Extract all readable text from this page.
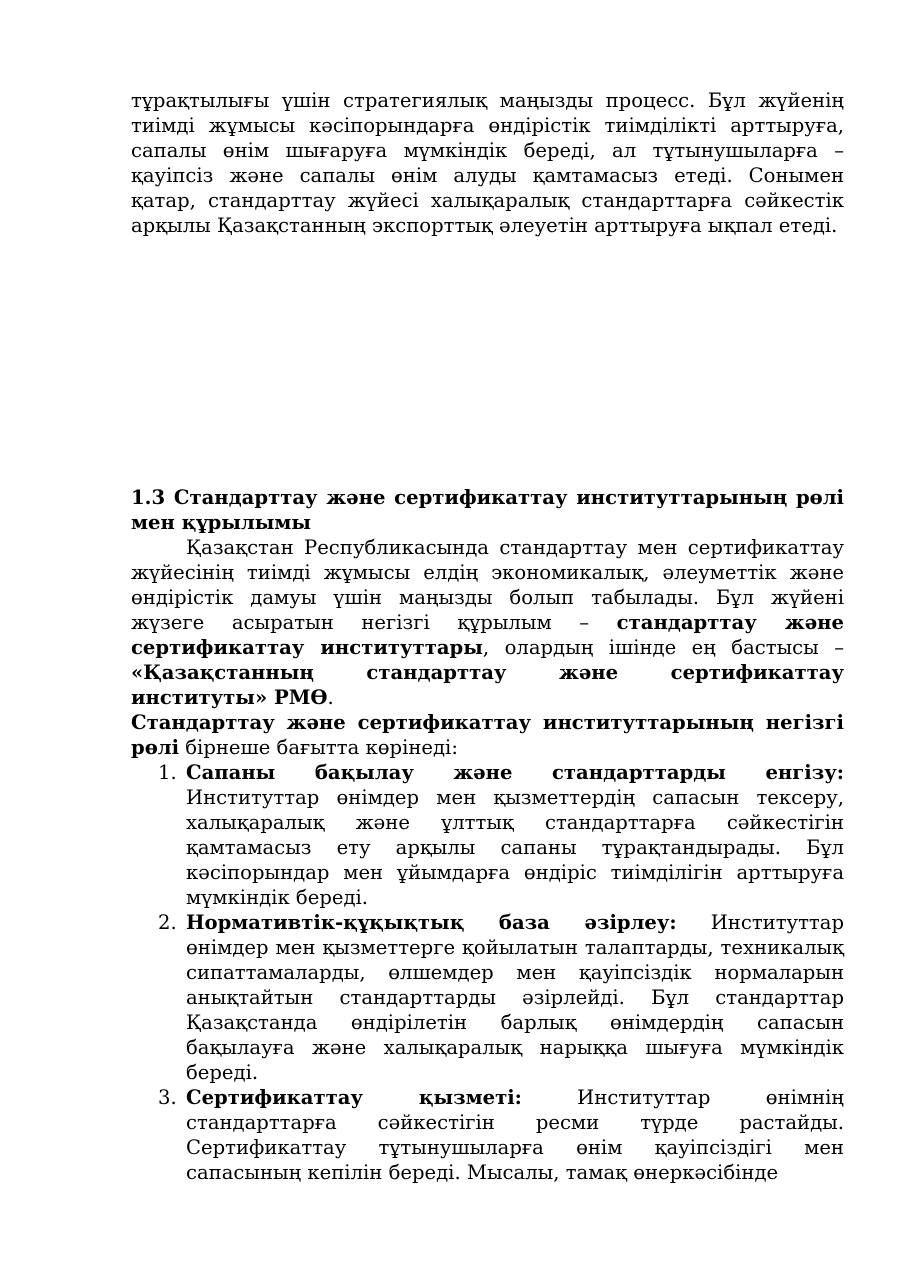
тұрақтылығы үшін стратегиялық маңызды процесс. Бұл жүйенің тиімді жұмысы кәсіпорындарға өндірістік тиімділікті арттыруға, сапалы өнім шығаруға мүмкіндік береді, ал тұтынушыларға – қауіпсіз және сапалы өнім алуды қамтамасыз етеді. Сонымен қатар, стандарттау жүйесі халықаралық стандарттарға сәйкестік арқылы Қазақстанның экспорттық әлеуетін арттыруға ықпал етеді.

1.3 Стандарттау және сертификаттау институттарының рөлі мен құрылымы

Қазақстан Республикасында стандарттау мен сертификаттау жүйесінің тиімді жұмысы елдің экономикалық, әлеуметтік және өндірістік дамуы үшін маңызды болып табылады. Бұл жүйені жүзеге асыратын негізгі құрылым – стандарттау және сертификаттау институттары, олардың ішінде ең бастысы – «Қазақстанның стандарттау және сертификаттау институты» РМӨ.

Стандарттау және сертификаттау институттарының негізгі рөлі бірнеше бағытта көрінеді:

1. Сапаны бақылау және стандарттарды енгізу: Институттар өнімдер мен қызметтердің сапасын тексеру, халықаралық және ұлттық стандарттарға сәйкестігін қамтамасыз ету арқылы сапаны тұрақтандырады. Бұл кәсіпорындар мен ұйымдарға өндіріс тиімділігін арттыруға мүмкіндік береді.
2. Нормативтік-құқықтық база әзірлеу: Институттар өнімдер мен қызметтерге қойылатын талаптарды, техникалық сипаттамаларды, өлшемдер мен қауіпсіздік нормаларын анықтайтын стандарттарды әзірлейді. Бұл стандарттар Қазақстанда өндірілетін барлық өнімдердің сапасын бақылауға және халықаралық нарыққа шығуға мүмкіндік береді.
3. Сертификаттау қызметі: Институттар өнімнің стандарттарға сәйкестігін ресми түрде растайды. Сертификаттау тұтынушыларға өнім қауіпсіздігі мен сапасының кепілін береді. Мысалы, тамақ өнеркәсібінде
